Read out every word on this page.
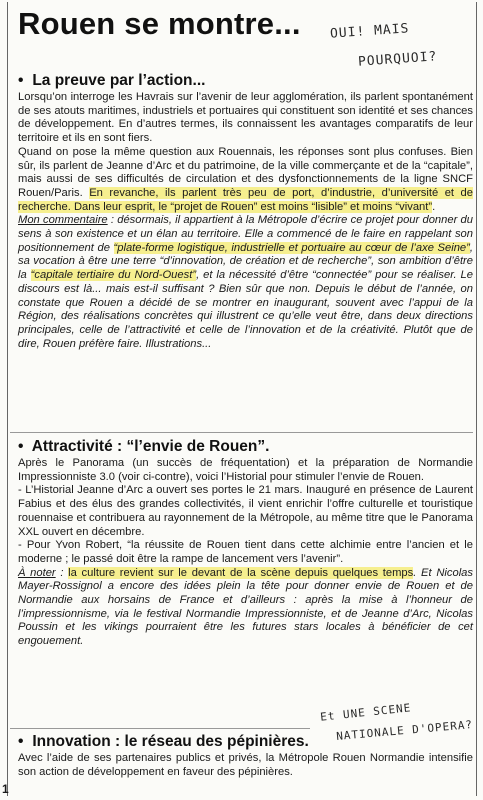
Rouen se montre... OUI! MAIS
POURQUOI?
• La preuve par l’action...

Lorsqu’on interroge les Havrais sur l’avenir de leur agglomération, ils parlent spontanément de ses atouts maritimes, industriels et portuaires qui constituent son identité et ses chances de développement. En d’autres termes, ils connaissent les avantages comparatifs de leur territoire et ils en sont fiers.

Quand on pose la même question aux Rouennais, les réponses sont plus confuses. Bien sûr, ils parlent de Jeanne d’Arc et du patrimoine, de la ville commerçante et de la “capitale”, mais aussi de ses difficultés de circulation et des dysfonctionnements de la ligne SNCF Rouen/Paris. En revanche, ils parlent très peu de port, d’industrie, d’université et de recherche. Dans leur esprit, le “projet de Rouen” est moins “lisible” et moins “vivant”.

Mon commentaire : désormais, il appartient à la Métropole d’écrire ce projet pour donner du sens à son existence et un élan au territoire. Elle a commencé de le faire en rappelant son positionnement de “plate-forme logistique, industrielle et portuaire au cœur de l’axe Seine”, sa vocation à être une terre “d’innovation, de création et de recherche”, son ambition d’être la “capitale tertiaire du Nord-Ouest”, et la nécessité d’être “connectée” pour se réaliser. Le discours est là... mais est-il suffisant ? Bien sûr que non. Depuis le début de l’année, on constate que Rouen a décidé de se montrer en inaugurant, souvent avec l’appui de la Région, des réalisations concrètes qui illustrent ce qu’elle veut être, dans deux directions principales, celle de l’attractivité et celle de l’innovation et de la créativité. Plutôt que de dire, Rouen préfère faire. Illustrations...

• Attractivité : “l’envie de Rouen”.

Après le Panorama (un succès de fréquentation) et la préparation de Normandie Impressionniste 3.0 (voir ci-contre), voici l’Historial pour stimuler l’envie de Rouen.

- L’Historial Jeanne d’Arc a ouvert ses portes le 21 mars. Inauguré en présence de Laurent Fabius et des élus des grandes collectivités, il vient enrichir l’offre culturelle et touristique rouennaise et contribuera au rayonnement de la Métropole, au même titre que le Panorama XXL ouvert en décembre.

- Pour Yvon Robert, “la réussite de Rouen tient dans cette alchimie entre l’ancien et le moderne ; le passé doit être la rampe de lancement vers l’avenir”.

À noter : la culture revient sur le devant de la scène depuis quelques temps. Et Nicolas Mayer-Rossignol a encore des idées plein la tête pour donner envie de Rouen et de Normandie aux horsains de France et d’ailleurs : après la mise à l’honneur de l’impressionnisme, via le festival Normandie Impressionniste, et de Jeanne d’Arc, Nicolas Poussin et les vikings pourraient être les futures stars locales à bénéficier de cet engouement.

Et UNE SCENE
NATIONALE D'OPERA?
• Innovation : le réseau des pépinières.

Avec l’aide de ses partenaires publics et privés, la Métropole Rouen Normandie intensifie son action de développement en faveur des pépinières.

1
